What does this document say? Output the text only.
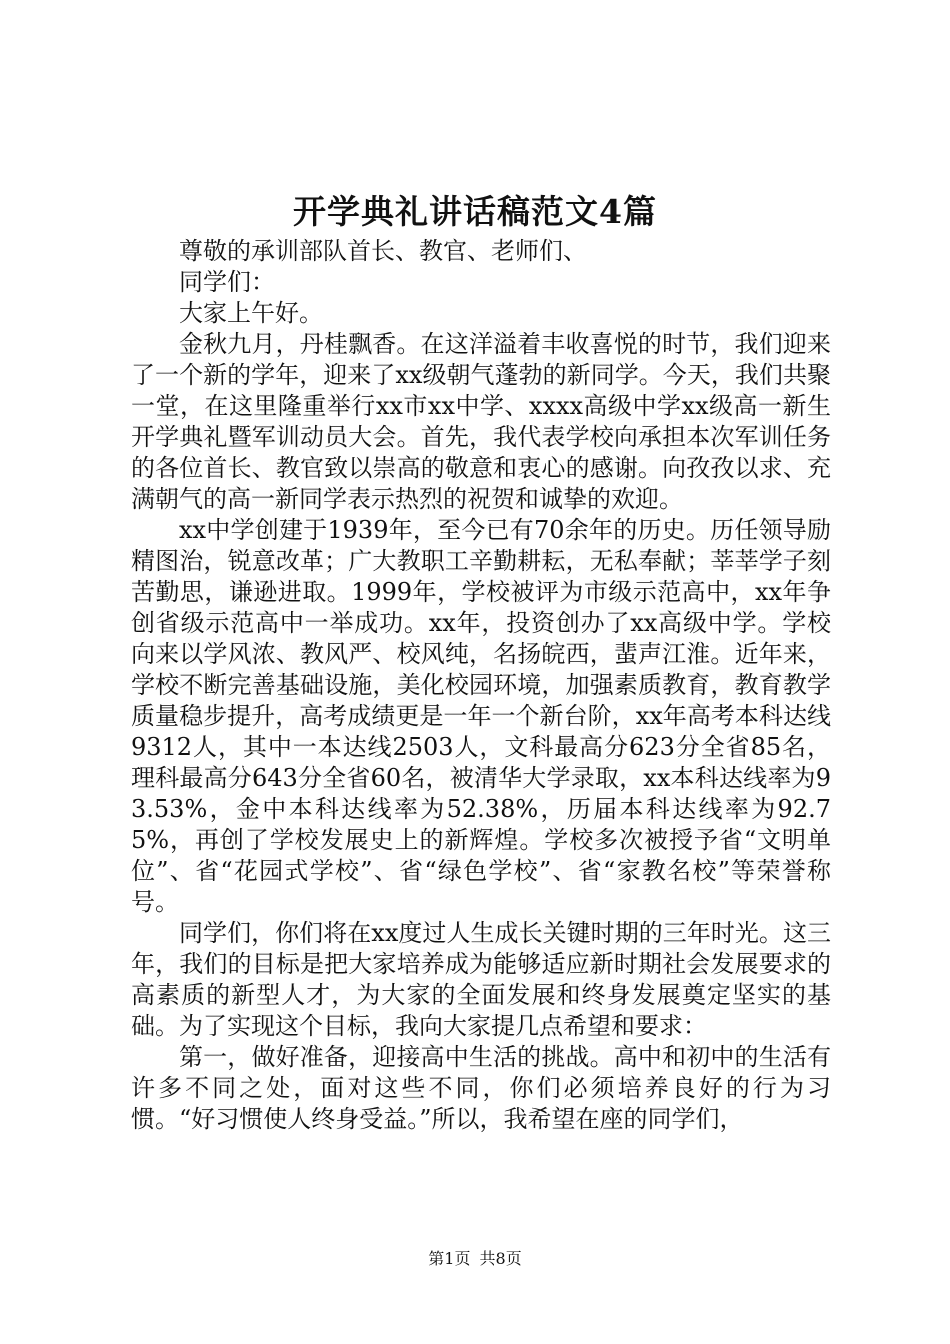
开学典礼讲话稿范文4篇

尊敬的承训部队首长、教官、老师们、

同学们：

大家上午好。

金秋九月，丹桂飘香。在这洋溢着丰收喜悦的时节，我们迎来了一个新的学年，迎来了xx级朝气蓬勃的新同学。今天，我们共聚一堂，在这里隆重举行xx市xx中学、xxxx高级中学xx级高一新生开学典礼暨军训动员大会。首先，我代表学校向承担本次军训任务的各位首长、教官致以崇高的敬意和衷心的感谢。向孜孜以求、充满朝气的高一新同学表示热烈的祝贺和诚挚的欢迎。

xx中学创建于1939年，至今已有70余年的历史。历任领导励精图治，锐意改革；广大教职工辛勤耕耘，无私奉献；莘莘学子刻苦勤思，谦逊进取。1999年，学校被评为市级示范高中，xx年争创省级示范高中一举成功。xx年，投资创办了xx高级中学。学校向来以学风浓、教风严、校风纯，名扬皖西，蜚声江淮。近年来，学校不断完善基础设施，美化校园环境，加强素质教育，教育教学质量稳步提升，高考成绩更是一年一个新台阶，xx年高考本科达线9312人，其中一本达线2503人，文科最高分623分全省85名，理科最高分643分全省60名，被清华大学录取，xx本科达线率为93.53%，金中本科达线率为52.38%，历届本科达线率为92.75%，再创了学校发展史上的新辉煌。学校多次被授予省“文明单位”、省“花园式学校”、省“绿色学校”、省“家教名校”等荣誉称号。

同学们，你们将在xx度过人生成长关键时期的三年时光。这三年，我们的目标是把大家培养成为能够适应新时期社会发展要求的高素质的新型人才，为大家的全面发展和终身发展奠定坚实的基础。为了实现这个目标，我向大家提几点希望和要求：

第一，做好准备，迎接高中生活的挑战。高中和初中的生活有许多不同之处，面对这些不同，你们必须培养良好的行为习惯。“好习惯使人终身受益。”所以，我希望在座的同学们，

第1页 共8页
